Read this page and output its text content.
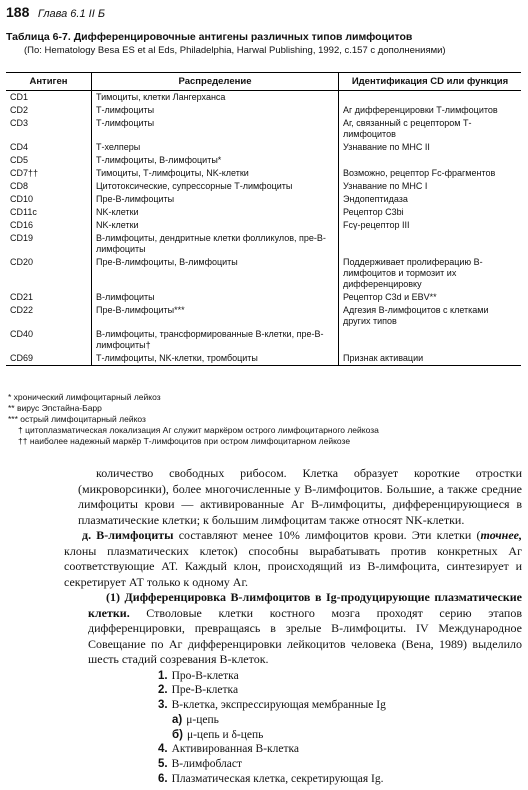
188 Глава 6.1 II Б
Таблица 6-7. Дифференцировочные антигены различных типов лимфоцитов
(По: Hematology Besa ES et al Eds, Philadelphia, Harwal Publishing, 1992, c.157 с дополнениями)
Антиген	Распределение	Идентификация CD или функция
CD1	Тимоциты, клетки Лангерханса	
CD2	Т-лимфоциты	Аг дифференцировки Т-лимфоцитов
CD3	Т-лимфоциты	Аг, связанный с рецептором Т-лимфоцитов
CD4	Т-хелперы	Узнавание по МНС II
CD5	Т-лимфоциты, В-лимфоциты*	
CD7††	Тимоциты, Т-лимфоциты, NK-клетки	Возможно, рецептор Fc-фрагментов
CD8	Цитотоксические, супрессорные Т-лимфоциты	Узнавание по МНС I
CD10	Пре-В-лимфоциты	Эндопептидаза
CD11c	NK-клетки	Рецептор C3bi
CD16	NK-клетки	Fcγ-рецептор III
CD19	В-лимфоциты, дендритные клетки фолликулов, пре-В-лимфоциты	
CD20	Пре-В-лимфоциты, В-лимфоциты	Поддерживает пролиферацию В-лимфоцитов и тормозит их дифференцировку
CD21	В-лимфоциты	Рецептор C3d и EBV**
CD22	Пре-В-лимфоциты***	Адгезия В-лимфоцитов с клетками других типов
CD40	В-лимфоциты, трансформированные В-клетки, пре-В-лимфоциты†	
CD69	Т-лимфоциты, NK-клетки, тромбоциты	Признак активации
* хронический лимфоцитарный лейкоз
** вирус Эпстайна-Барр
*** острый лимфоцитарный лейкоз
† цитоплазматическая локализация Аг служит маркёром острого лимфоцитарного лейкоза
†† наиболее надежный маркёр Т-лимфоцитов при остром лимфоцитарном лейкозе

количество свободных рибосом. Клетка образует короткие отростки (микроворсинки), более многочисленные у В-лимфоцитов. Большие, а также средние лимфоциты крови — активированные Аг В-лимфоциты, дифференцирующиеся в плазматические клетки; к большим лимфоцитам также относят NK-клетки.

д. В-лимфоциты составляют менее 10% лимфоцитов крови. Эти клетки (точнее, клоны плазматических клеток) способны вырабатывать против конкретных Аг соответствующие АТ. Каждый клон, происходящий из В-лимфоцита, синтезирует и секретирует АТ только к одному Аг.

(1) Дифференцировка В-лимфоцитов в Ig-продуцирующие плазматические клетки. Стволовые клетки костного мозга проходят серию этапов дифференцировки, превращаясь в зрелые В-лимфоциты. IV Международное Совещание по Аг дифференцировки лейкоцитов человека (Вена, 1989) выделило шесть стадий созревания В-клеток.

1. Про-В-клетка
2. Пре-В-клетка
3. В-клетка, экспрессирующая мембранные Ig
а) μ-цепь
б) μ-цепь и δ-цепь
4. Активированная В-клетка
5. В-лимфобласт
6. Плазматическая клетка, секретирующая Ig.
